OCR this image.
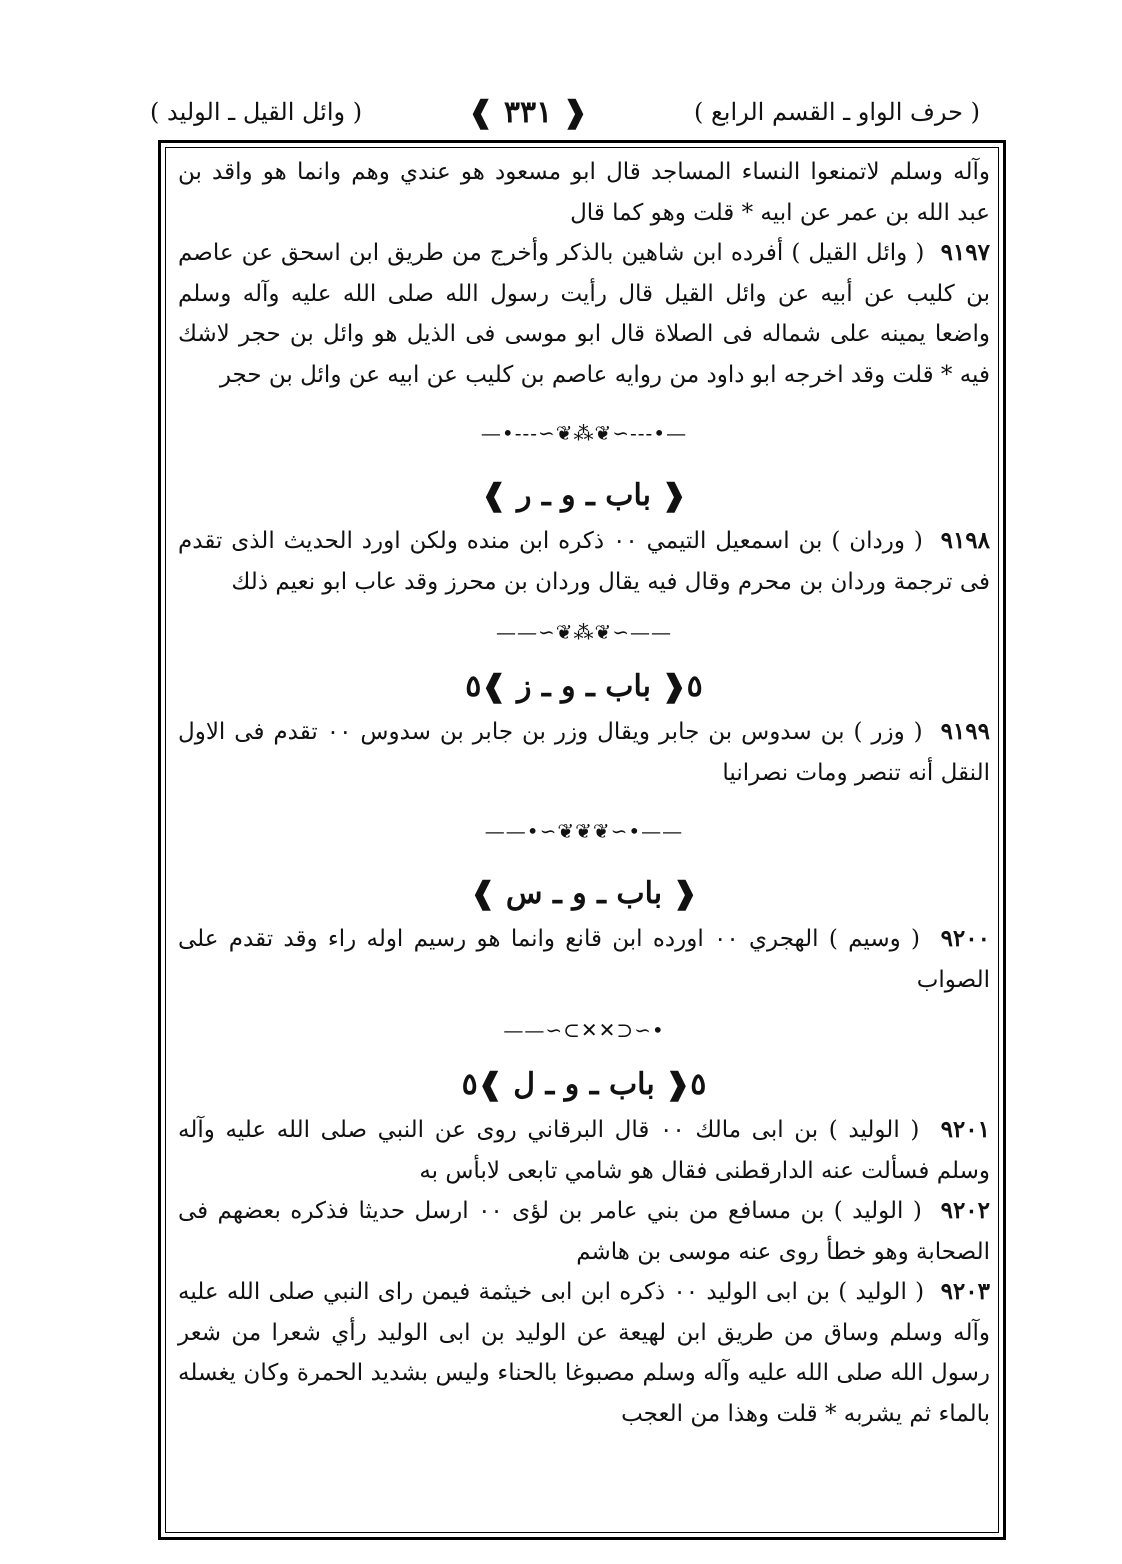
( حرف الواو ـ القسم الرابع )
❰ ٣٣١ ❱
( وائل القيل ـ الوليد )

وآله وسلم لاتمنعوا النساء المساجد قال ابو مسعود هو عندي وهم وانما هو واقد بن عبد الله بن عمر عن ابيه * قلت وهو كما قال

٩١٩٧  ( وائل القيل ) أفرده ابن شاهين بالذكر وأخرج من طريق ابن اسحق عن عاصم بن كليب عن أبيه عن وائل القيل قال رأيت رسول الله صلى الله عليه وآله وسلم واضعا يمينه على شماله فى الصلاة قال ابو موسى فى الذيل هو وائل بن حجر لاشك فيه * قلت وقد اخرجه ابو داود من روايه عاصم بن كليب عن ابيه عن وائل بن حجر

—•‑‑‑∽❦⁂❦∽‑‑‑•—
❰ باب ـ و ـ ر ❱

٩١٩٨  ( وردان ) بن اسمعيل التيمي ٠٠ ذكره ابن منده ولكن اورد الحديث الذى تقدم فى ترجمة وردان بن محرم وقال فيه يقال وردان بن محرز وقد عاب ابو نعيم ذلك

——∽❦⁂❦∽——
٥❰ باب ـ و ـ ز ❱٥

٩١٩٩  ( وزر ) بن سدوس بن جابر ويقال وزر بن جابر بن سدوس ٠٠ تقدم فى الاول النقل أنه تنصر ومات نصرانيا

——•∽❦❦❦∽•——
❰ باب ـ و ـ س ❱

٩٢٠٠  ( وسيم ) الهجري ٠٠ اورده ابن قانع وانما هو رسيم اوله راء وقد تقدم على الصواب

——∽⊂✕✕⊃∽•
٥❰ باب ـ و ـ ل ❱٥

٩٢٠١  ( الوليد ) بن ابى مالك ٠٠ قال البرقاني روى عن النبي صلى الله عليه وآله وسلم فسألت عنه الدارقطنى فقال هو شامي تابعى لابأس به

٩٢٠٢  ( الوليد ) بن مسافع من بني عامر بن لؤى ٠٠ ارسل حديثا فذكره بعضهم فى الصحابة وهو خطأ روى عنه موسى بن هاشم

٩٢٠٣  ( الوليد ) بن ابى الوليد ٠٠ ذكره ابن ابى خيثمة فيمن راى النبي صلى الله عليه وآله وسلم وساق من طريق ابن لهيعة عن الوليد بن ابى الوليد رأي شعرا من شعر رسول الله صلى الله عليه وآله وسلم مصبوغا بالحناء وليس بشديد الحمرة وكان يغسله بالماء ثم يشربه * قلت وهذا من العجب
